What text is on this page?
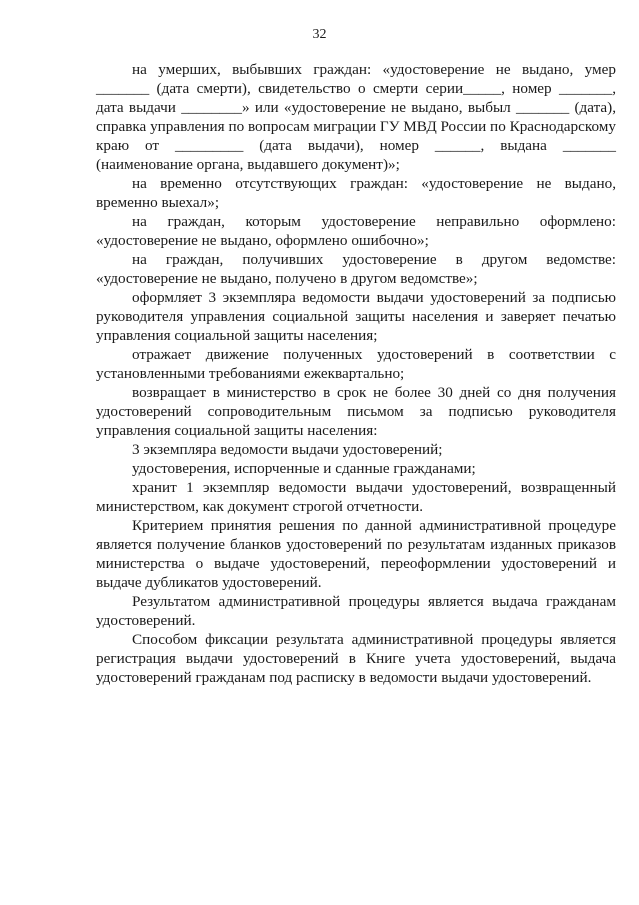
32

на умерших, выбывших граждан: «удостоверение не выдано, умер _______ (дата смерти), свидетельство о смерти серии_____, номер _______, дата выдачи ________» или «удостоверение не выдано, выбыл _______ (дата), справка управления по вопросам миграции ГУ МВД России по Краснодарскому краю от _________ (дата выдачи), номер ______, выдана _______ (наименование органа, выдавшего документ)»;

на временно отсутствующих граждан: «удостоверение не выдано, временно выехал»;

на граждан, которым удостоверение неправильно оформлено: «удостоверение не выдано, оформлено ошибочно»;

на граждан, получивших удостоверение в другом ведомстве: «удостоверение не выдано, получено в другом ведомстве»;

оформляет 3 экземпляра ведомости выдачи удостоверений за подписью руководителя управления социальной защиты населения и заверяет печатью управления социальной защиты населения;

отражает движение полученных удостоверений в соответствии с установленными требованиями ежеквартально;

возвращает в министерство в срок не более 30 дней со дня получения удостоверений сопроводительным письмом за подписью руководителя управления социальной защиты населения:

3 экземпляра ведомости выдачи удостоверений;

удостоверения, испорченные и сданные гражданами;

хранит 1 экземпляр ведомости выдачи удостоверений, возвращенный министерством, как документ строгой отчетности.

Критерием принятия решения по данной административной процедуре является получение бланков удостоверений по результатам изданных приказов министерства о выдаче удостоверений, переоформлении удостоверений и выдаче дубликатов удостоверений.

Результатом административной процедуры является выдача гражданам удостоверений.

Способом фиксации результата административной процедуры является регистрация выдачи удостоверений в Книге учета удостоверений, выдача удостоверений гражданам под расписку в ведомости выдачи удостоверений.
